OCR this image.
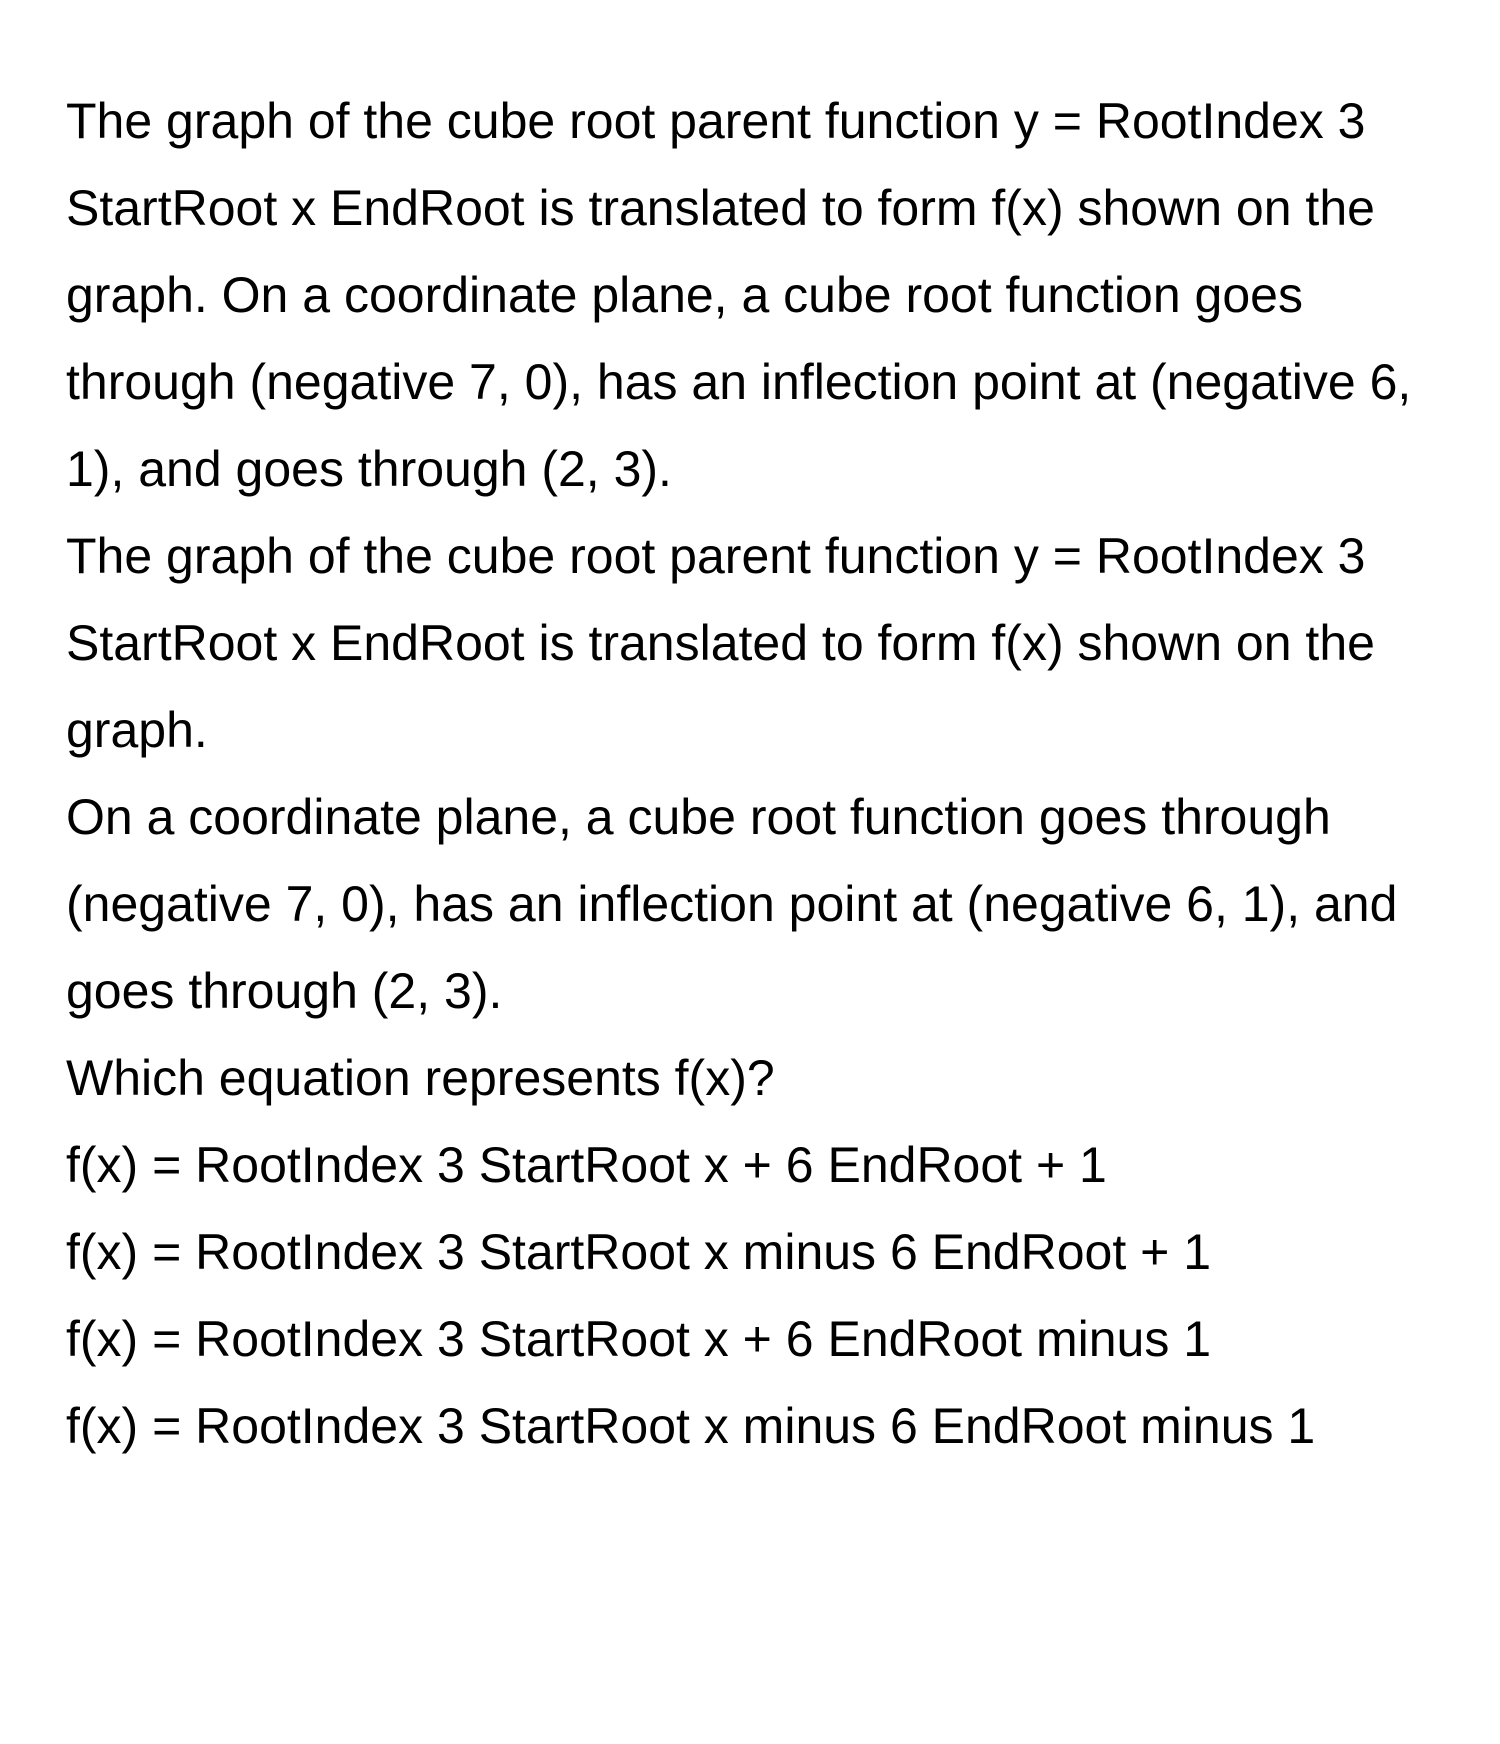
The graph of the cube root parent function y = RootIndex 3 StartRoot x EndRoot is translated to form f(x) shown on the graph. On a coordinate plane, a cube root function goes through (negative 7, 0), has an inflection point at (negative 6, 1), and goes through (2, 3).

The graph of the cube root parent function y = RootIndex 3 StartRoot x EndRoot is translated to form f(x) shown on the graph.

On a coordinate plane, a cube root function goes through (negative 7, 0), has an inflection point at (negative 6, 1), and goes through (2, 3).

Which equation represents f(x)?

f(x) = RootIndex 3 StartRoot x + 6 EndRoot + 1

f(x) = RootIndex 3 StartRoot x minus 6 EndRoot + 1

f(x) = RootIndex 3 StartRoot x + 6 EndRoot minus 1

f(x) = RootIndex 3 StartRoot x minus 6 EndRoot minus 1
